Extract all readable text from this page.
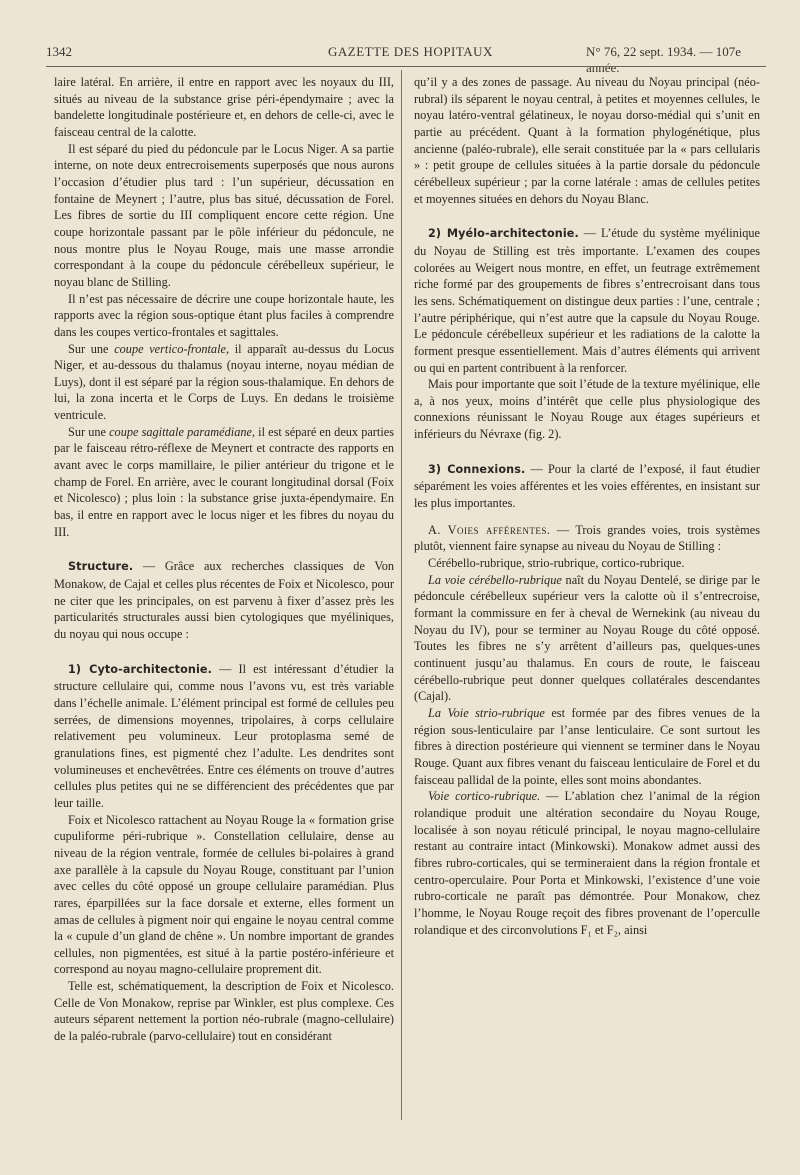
1342	GAZETTE DES HOPITAUX	N° 76, 22 sept. 1934. — 107e année.

laire latéral. En arrière, il entre en rapport avec les noyaux du III, situés au niveau de la substance grise péri-épendymaire ; avec la bandelette longitudinale postérieure et, en dehors de celle-ci, avec le faisceau central de la calotte.

Il est séparé du pied du pédoncule par le Locus Niger. A sa partie interne, on note deux entrecroisements superposés que nous aurons l’occasion d’étudier plus tard : l’un supérieur, décussation en fontaine de Meynert ; l’autre, plus bas situé, décussation de Forel. Les fibres de sortie du III compliquent encore cette région. Une coupe horizontale passant par le pôle inférieur du pédoncule, ne nous montre plus le Noyau Rouge, mais une masse arrondie correspondant à la coupe du pédoncule cérébelleux supérieur, le noyau blanc de Stilling.

Il n’est pas nécessaire de décrire une coupe horizontale haute, les rapports avec la région sous-optique étant plus faciles à comprendre dans les coupes vertico-frontales et sagittales.

Sur une coupe vertico-frontale, il apparaît au-dessus du Locus Niger, et au-dessous du thalamus (noyau interne, noyau médian de Luys), dont il est séparé par la région sous-thalamique. En dehors de lui, la zona incerta et le Corps de Luys. En dedans le troisième ventricule.

Sur une coupe sagittale paramédiane, il est séparé en deux parties par le faisceau rétro-réflexe de Meynert et contracte des rapports en avant avec le corps mamillaire, le pilier antérieur du trigone et le champ de Forel. En arrière, avec le courant longitudinal dorsal (Foix et Nicolesco) ; plus loin : la substance grise juxta-épendymaire. En bas, il entre en rapport avec le locus niger et les fibres du noyau du III.

Structure. — Grâce aux recherches classiques de Von Monakow, de Cajal et celles plus récentes de Foix et Nicolesco, pour ne citer que les principales, on est parvenu à fixer d’assez près les particularités structurales aussi bien cytologiques que myéliniques, du noyau qui nous occupe :

1) Cyto-architectonie. — Il est intéressant d’étudier la structure cellulaire qui, comme nous l’avons vu, est très variable dans l’échelle animale. L’élément principal est formé de cellules peu serrées, de dimensions moyennes, tripolaires, à corps cellulaire relativement peu volumineux. Leur protoplasma semé de granulations fines, est pigmenté chez l’adulte. Les dendrites sont volumineuses et enchevêtrées. Entre ces éléments on trouve d’autres cellules plus petites qui ne se différencient des précédentes que par leur taille.

Foix et Nicolesco rattachent au Noyau Rouge la « formation grise cupuliforme péri-rubrique ». Constellation cellulaire, dense au niveau de la région ventrale, formée de cellules bi-polaires à grand axe parallèle à la capsule du Noyau Rouge, constituant par l’union avec celles du côté opposé un groupe cellulaire paramédian. Plus rares, éparpillées sur la face dorsale et externe, elles forment un amas de cellules à pigment noir qui engaine le noyau central comme la « cupule d’un gland de chêne ». Un nombre important de grandes cellules, non pigmentées, est situé à la partie postéro-inférieure et correspond au noyau magno-cellulaire proprement dit.

Telle est, schématiquement, la description de Foix et Nicolesco. Celle de Von Monakow, reprise par Winkler, est plus complexe. Ces auteurs séparent nettement la portion néo-rubrale (magno-cellulaire) de la paléo-rubrale (parvo-cellulaire) tout en considérant

qu’il y a des zones de passage. Au niveau du Noyau principal (néo-rubral) ils séparent le noyau central, à petites et moyennes cellules, le noyau latéro-ventral gélatineux, le noyau dorso-médial qui s’unit en partie au précédent. Quant à la formation phylogénétique, plus ancienne (paléo-rubrale), elle serait constituée par la « pars cellularis » : petit groupe de cellules situées à la partie dorsale du pédoncule cérébelleux supérieur ; par la corne latérale : amas de cellules petites et moyennes situées en dehors du Noyau Blanc.

2) Myélo-architectonie. — L’étude du système myélinique du Noyau de Stilling est très importante. L’examen des coupes colorées au Weigert nous montre, en effet, un feutrage extrêmement riche formé par des groupements de fibres s’entrecroisant dans tous les sens. Schématiquement on distingue deux parties : l’une, centrale ; l’autre périphérique, qui n’est autre que la capsule du Noyau Rouge. Le pédoncule cérébelleux supérieur et les radiations de la calotte la forment presque essentiellement. Mais d’autres éléments qui arrivent ou qui en partent contribuent à la renforcer.

Mais pour importante que soit l’étude de la texture myélinique, elle a, à nos yeux, moins d’intérêt que celle plus physiologique des connexions réunissant le Noyau Rouge aux étages supérieurs et inférieurs du Névraxe (fig. 2).

3) Connexions. — Pour la clarté de l’exposé, il faut étudier séparément les voies afférentes et les voies efférentes, en insistant sur les plus importantes.

A. Voies afférentes. — Trois grandes voies, trois systèmes plutôt, viennent faire synapse au niveau du Noyau de Stilling :

Cérébello-rubrique, strio-rubrique, cortico-rubrique.

La voie cérébello-rubrique naît du Noyau Dentelé, se dirige par le pédoncule cérébelleux supérieur vers la calotte où il s’entrecroise, formant la commissure en fer à cheval de Wernekink (au niveau du Noyau du IV), pour se terminer au Noyau Rouge du côté opposé. Toutes les fibres ne s’y arrêtent d’ailleurs pas, quelques-unes continuent jusqu’au thalamus. En cours de route, le faisceau cérébello-rubrique peut donner quelques collatérales descendantes (Cajal).

La Voie strio-rubrique est formée par des fibres venues de la région sous-lenticulaire par l’anse lenticulaire. Ce sont surtout les fibres à direction postérieure qui viennent se terminer dans le Noyau Rouge. Quant aux fibres venant du faisceau lenticulaire de Forel et du faisceau pallidal de la pointe, elles sont moins abondantes.

Voie cortico-rubrique. — L’ablation chez l’animal de la région rolandique produit une altération secondaire du Noyau Rouge, localisée à son noyau réticulé principal, le noyau magno-cellulaire restant au contraire intact (Minkowski). Monakow admet aussi des fibres rubro-corticales, qui se termineraient dans la région frontale et centro-operculaire. Pour Porta et Minkowski, l’existence d’une voie rubro-corticale ne paraît pas démontrée. Pour Monakow, chez l’homme, le Noyau Rouge reçoit des fibres provenant de l’operculle rolandique et des circonvolutions F₁ et F₂, ainsi
